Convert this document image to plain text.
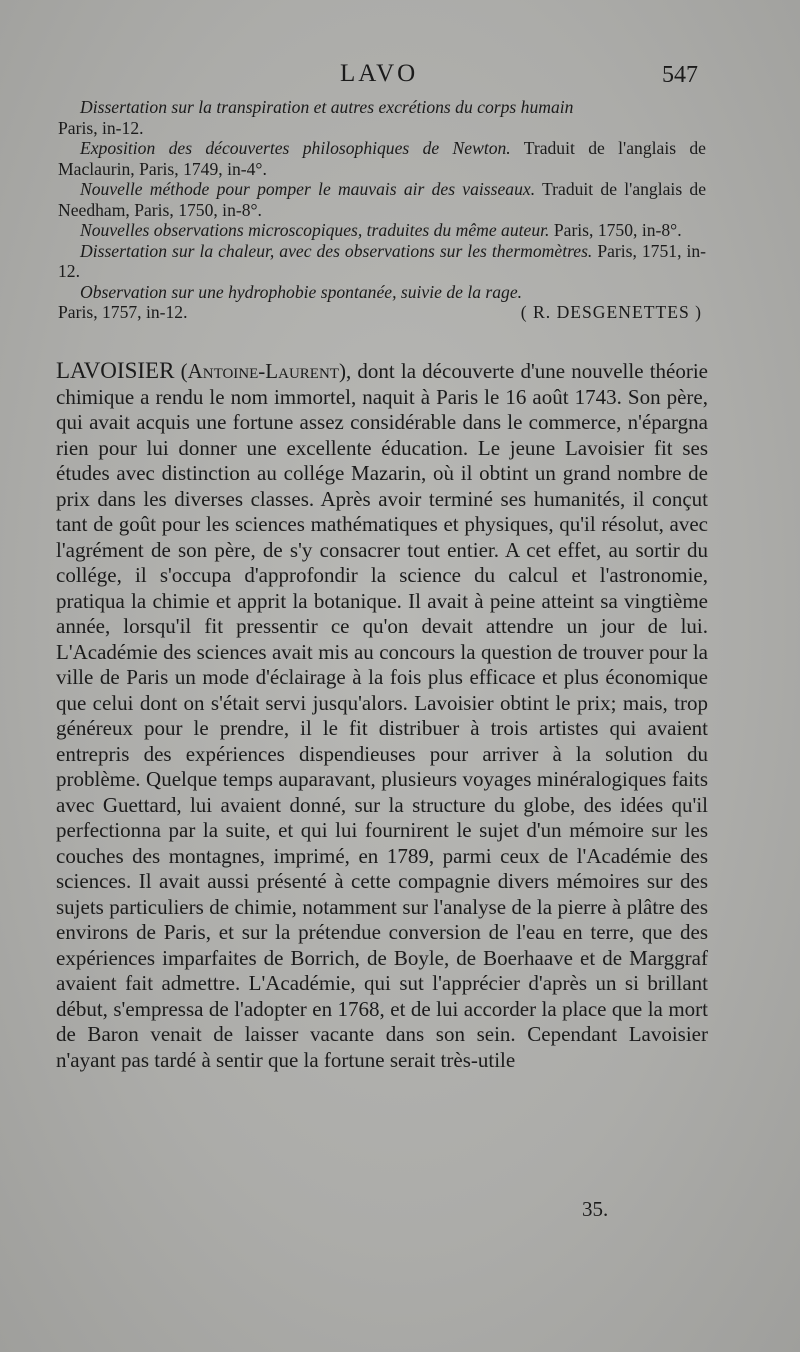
LAVO	547

Dissertation sur la transpiration et autres excrétions du corps humain

Paris, in-12.

Exposition des découvertes philosophiques de Newton. Traduit de l'anglais de Maclaurin, Paris, 1749, in-4°.

Nouvelle méthode pour pomper le mauvais air des vaisseaux. Traduit de l'anglais de Needham, Paris, 1750, in-8°.

Nouvelles observations microscopiques, traduites du même auteur. Paris, 1750, in-8°.

Dissertation sur la chaleur, avec des observations sur les thermomètres. Paris, 1751, in-12.

Observation sur une hydrophobie spontanée, suivie de la rage.

Paris, 1757, in-12.	( R. DESGENETTES )

LAVOISIER (Antoine-Laurent), dont la découverte d'une nouvelle théorie chimique a rendu le nom immortel, naquit à Paris le 16 août 1743. Son père, qui avait acquis une fortune assez considérable dans le commerce, n'épargna rien pour lui donner une excellente éducation. Le jeune Lavoisier fit ses études avec distinction au collége Mazarin, où il obtint un grand nombre de prix dans les diverses classes. Après avoir terminé ses humanités, il conçut tant de goût pour les sciences mathématiques et physiques, qu'il résolut, avec l'agrément de son père, de s'y consacrer tout entier. A cet effet, au sortir du collége, il s'occupa d'approfondir la science du calcul et l'astronomie, pratiqua la chimie et apprit la botanique. Il avait à peine atteint sa vingtième année, lorsqu'il fit pressentir ce qu'on devait attendre un jour de lui. L'Académie des sciences avait mis au concours la question de trouver pour la ville de Paris un mode d'éclairage à la fois plus efficace et plus économique que celui dont on s'était servi jusqu'alors. Lavoisier obtint le prix; mais, trop généreux pour le prendre, il le fit distribuer à trois artistes qui avaient entrepris des expériences dispendieuses pour arriver à la solution du problème. Quelque temps auparavant, plusieurs voyages minéralogiques faits avec Guettard, lui avaient donné, sur la structure du globe, des idées qu'il perfectionna par la suite, et qui lui fournirent le sujet d'un mémoire sur les couches des montagnes, imprimé, en 1789, parmi ceux de l'Académie des sciences. Il avait aussi présenté à cette compagnie divers mémoires sur des sujets particuliers de chimie, notamment sur l'analyse de la pierre à plâtre des environs de Paris, et sur la prétendue conversion de l'eau en terre, que des expériences imparfaites de Borrich, de Boyle, de Boerhaave et de Marggraf avaient fait admettre. L'Académie, qui sut l'apprécier d'après un si brillant début, s'empressa de l'adopter en 1768, et de lui accorder la place que la mort de Baron venait de laisser vacante dans son sein. Cependant Lavoisier n'ayant pas tardé à sentir que la fortune serait très-utile

35.
